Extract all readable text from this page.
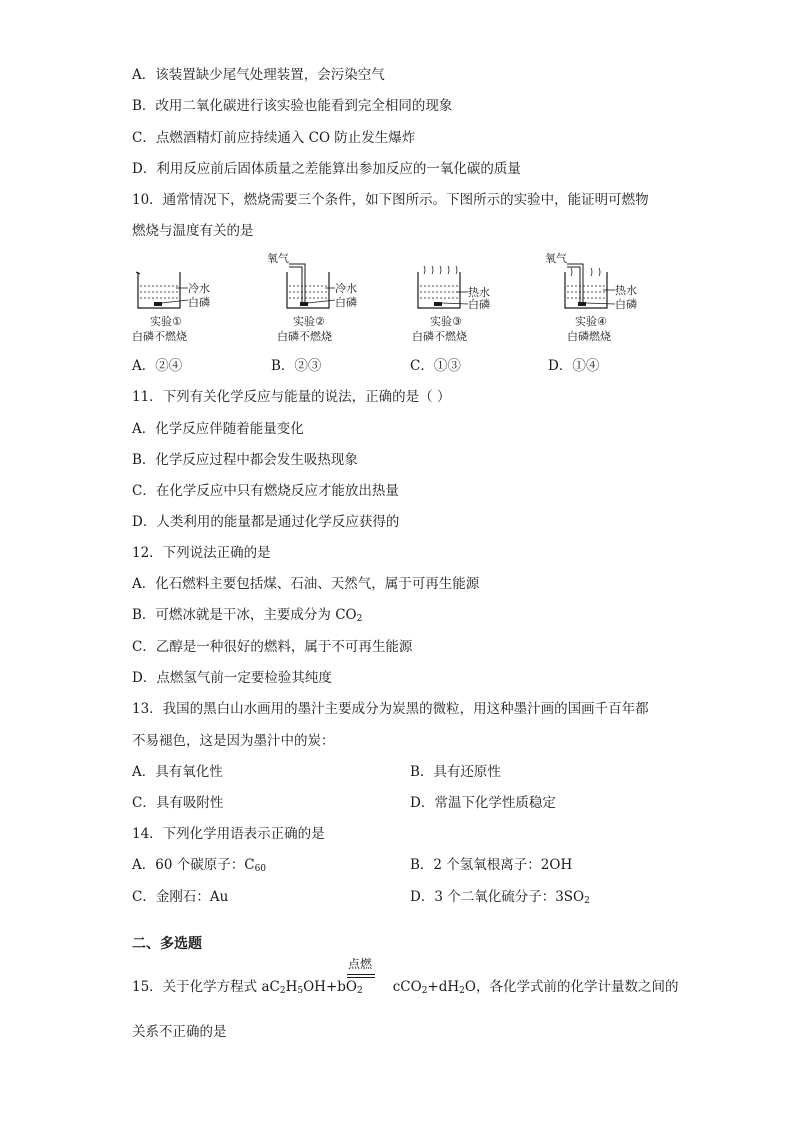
A．该装置缺少尾气处理装置，会污染空气
B．改用二氧化碳进行该实验也能看到完全相同的现象
C．点燃酒精灯前应持续通入 CO 防止发生爆炸
D．利用反应前后固体质量之差能算出参加反应的一氧化碳的质量
10．通常情况下，燃烧需要三个条件，如下图所示。下图所示的实验中，能证明可燃物
燃烧与温度有关的是
冷水
白磷
实验①
白磷不燃烧
氧气
冷水
白磷
实验②
白磷不燃烧
热水
白磷
实验③
白磷不燃烧
氧气
热水
白磷
实验④
白磷燃烧
A．②④	B．②③	C．①③	D．①④
11．下列有关化学反应与能量的说法，正确的是（ ）
A．化学反应伴随着能量变化
B．化学反应过程中都会发生吸热现象
C．在化学反应中只有燃烧反应才能放出热量
D．人类利用的能量都是通过化学反应获得的
12．下列说法正确的是
A．化石燃料主要包括煤、石油、天然气，属于可再生能源
B．可燃冰就是干冰，主要成分为 $CO_2$
C．乙醇是一种很好的燃料，属于不可再生能源
D．点燃氢气前一定要检验其纯度
13．我国的黑白山水画用的墨汁主要成分为炭黑的微粒，用这种墨汁画的国画千百年都
不易褪色，这是因为墨汁中的炭：
A．具有氧化性	B．具有还原性
C．具有吸附性	D．常温下化学性质稳定
14．下列化学用语表示正确的是
A．60 个碳原子：$C_{60}$	B．2 个氢氧根离子：2OH
C．金刚石：Au	D．3 个二氧化硫分子：$3SO_2$
二、多选题
15．关于化学方程式 $aC_2H_5OH+bO_2$ $cCO_2+dH_2O$，各化学式前的化学计量数之间的
点燃
关系不正确的是
